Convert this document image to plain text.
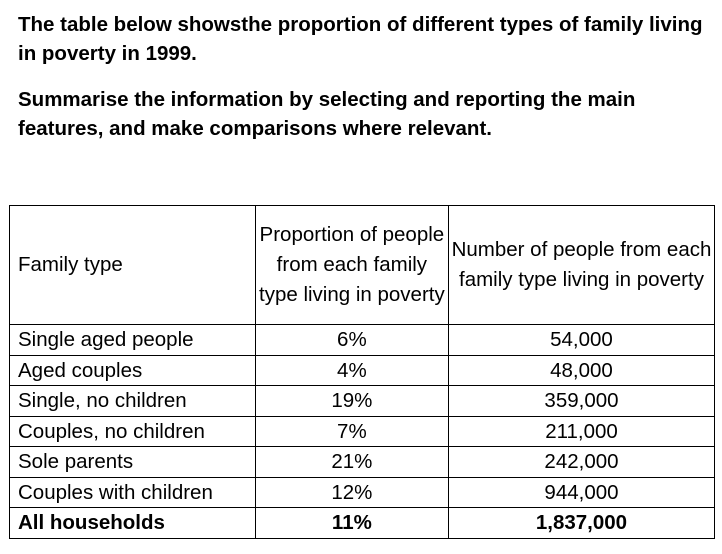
The table below showsthe proportion of different types of family living in poverty in 1999.

Summarise the information by selecting and reporting the main features, and make comparisons where relevant.

Family type	Proportion of people from each family type living in poverty	Number of people from each family type living in poverty
Single aged people	6%	54,000
Aged couples	4%	48,000
Single, no children	19%	359,000
Couples, no children	7%	211,000
Sole parents	21%	242,000
Couples with children	12%	944,000
All households	11%	1,837,000
